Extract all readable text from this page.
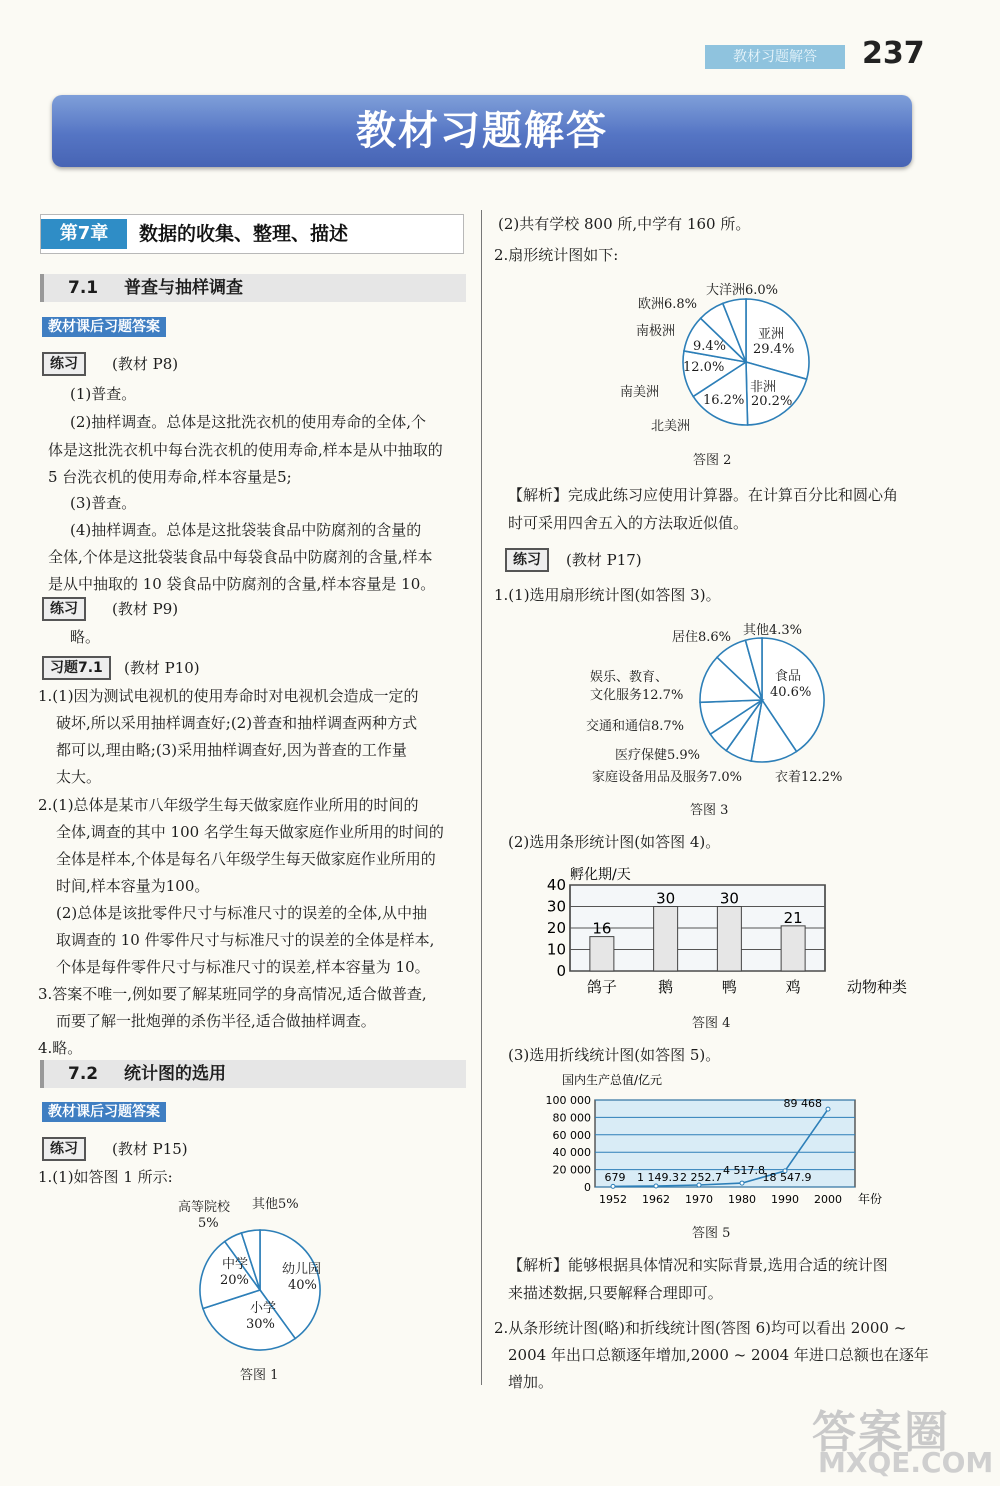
教材习题解答	237
教材习题解答
第7章	数据的收集、整理、描述
7.1 普查与抽样调查
教材课后习题答案
练习	(教材 P8)
(1)普查。
(2)抽样调查。总体是这批洗衣机的使用寿命的全体,个
体是这批洗衣机中每台洗衣机的使用寿命,样本是从中抽取的
5 台洗衣机的使用寿命,样本容量是5;
(3)普查。
(4)抽样调查。总体是这批袋装食品中防腐剂的含量的
全体,个体是这批袋装食品中每袋食品中防腐剂的含量,样本
是从中抽取的 10 袋食品中防腐剂的含量,样本容量是 10。
练习	(教材 P9)
略。
习题7.1	(教材 P10)
1.(1)因为测试电视机的使用寿命时对电视机会造成一定的
破坏,所以采用抽样调查好;(2)普查和抽样调查两种方式
都可以,理由略;(3)采用抽样调查好,因为普查的工作量
太大。
2.(1)总体是某市八年级学生每天做家庭作业所用的时间的
全体,调查的其中 100 名学生每天做家庭作业所用的时间的
全体是样本,个体是每名八年级学生每天做家庭作业所用的
时间,样本容量为100。
(2)总体是该批零件尺寸与标准尺寸的误差的全体,从中抽
取调查的 10 件零件尺寸与标准尺寸的误差的全体是样本,
个体是每件零件尺寸与标准尺寸的误差,样本容量为 10。
3.答案不唯一,例如要了解某班同学的身高情况,适合做普查,
而要了解一批炮弹的杀伤半径,适合做抽样调查。
4.略。
7.2 统计图的选用
教材课后习题答案
练习	(教材 P15)
1.(1)如答图 1 所示:
高等院校 其他5%
5%
中学
20%
幼儿园
40%
小学
30%
答图 1
(2)共有学校 800 所,中学有 160 所。
2.扇形统计图如下:
大洋洲6.0%
欧洲6.8%
南极洲
9.4%
亚洲
29.4%
12.0%
非洲
南美洲
16.2% 20.2%
北美洲
答图 2
【解析】完成此练习应使用计算器。在计算百分比和圆心角
时可采用四舍五入的方法取近似值。
练习	(教材 P17)
1.(1)选用扇形统计图(如答图 3)。
居住8.6% 其他4.3%
娱乐、教育、
文化服务12.7%
食品
40.6%
交通和通信8.7%
医疗保健5.9%
家庭设备用品及服务7.0%	衣着12.2%
答图 3
(2)选用条形统计图(如答图 4)。
0
10
20
30
40
16
鸽子
30
鹅
30
鸭
21
鸡
孵化期/天
动物种类
答图 4
(3)选用折线统计图(如答图 5)。
0
20 000
40 000
60 000
80 000
100 000
1952 1962 1970 1980 1990 2000
679 1 149.3 2 252.7
4 517.8
18 547.9
89 468
国内生产总值/亿元
年份
答图 5
【解析】能够根据具体情况和实际背景,选用合适的统计图
来描述数据,只要解释合理即可。
2.从条形统计图(略)和折线统计图(答图 6)均可以看出 2000 ~
2004 年出口总额逐年增加,2000 ~ 2004 年进口总额也在逐年
增加。
答案圈
MXQE.COM
